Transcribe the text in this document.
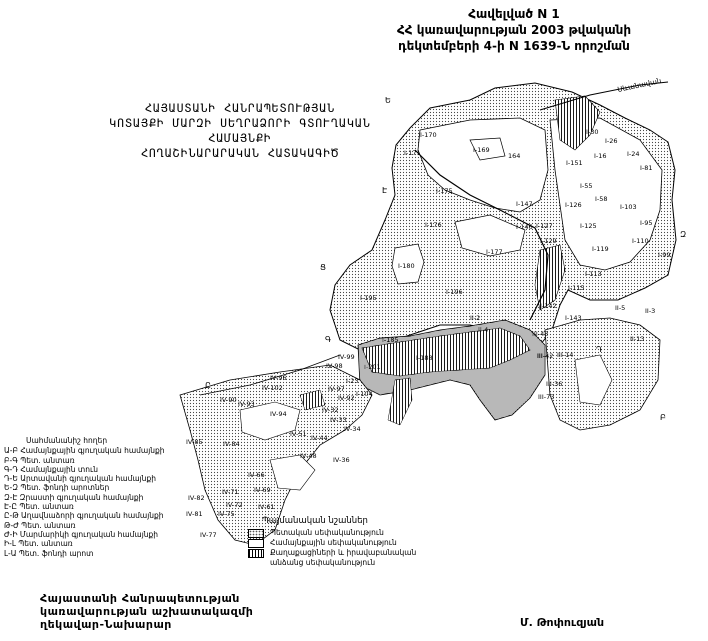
Հավելված N 1
ՀՀ կառավարության 2003 թվականի
դեկտեմբերի 4-ի N 1639-Ն որոշման
ՀԱՅԱՍՏԱՆԻ ՀԱՆՐԱՊԵՏՈՒԹՅԱՆ
ԿՈՏԱՅՔԻ ՄԱՐԶԻ ՍԵՂՐԱՁՈՐԻ ԳՏՈՒՂԱԿԱՆ ՀԱՄԱՅՆՔԻ
ՀՈՂԱՇԻՆԱՐԱՐԱԿԱՆ ՀԱՏԱԿԱԳԻԾ
Սևանավան
Ե
Է
Ց
Գ
Ը
Դ
Զ
Բ
I-170
I-169
164
I-171
I-175
I-176
I-177
I-180
I-195
I-196
I-151
I-16	I-24
I-30
I-26
I-55
I-58
I-126
I-147
I-125
I-127
I-129
I-146
I-110
I-119
I-103
I-95
I-81
I-99
I-115
I-113
I-142
I-143
II-5	II-3
II-13
III-42
III-43
III-14
III-36
III-73
IV-99
IV-98
IV-96
IV-102	IV-97
IV-93
IV-94
IV-90	IV-92
IV-32
IV-33
IV-34
IV-51 IV-44
IV-48	IV-36
IV-85	IV-84
IV-66
IV-69
IV-71
IV-72
IV-75
IV-82
IV-81
IV-77
IV-61
I-201
I-23
I-104
I-185
I-188
II-2
II-4
Սահմանանիշ հողեր
Ա-Բ Համայնքային գյուղական համայնքի
Բ-Գ Պետ. անտառ
Գ-Դ Համայնքային տուն
Դ-Ե Արտավանի գյուղական համայնքի
Ե-Զ Պետ. ֆոնդի արոտներ
Զ-Է Զրաստի գյուղական համայնքի
Է-Ը Պետ. անտառ
Ը-Թ Աղավնաձորի գյուղական համայնքի
Թ-Ժ Պետ. անտառ
Ժ-Ի Մարմարիկի գյուղական համայնքի
Ի-Լ Պետ. անտառ
Լ-Ա Պետ. ֆոնդի արոտ
Պայմանական նշաններ
Պետական սեփականություն
Համայնքային սեփականություն
Քաղաքացիների և իրավաբանական անձանց սեփականություն
Հայաստանի Հանրապետության
կառավարության աշխատակազմի
ղեկավար-Նախարար	Մ. Թոփուզյան
